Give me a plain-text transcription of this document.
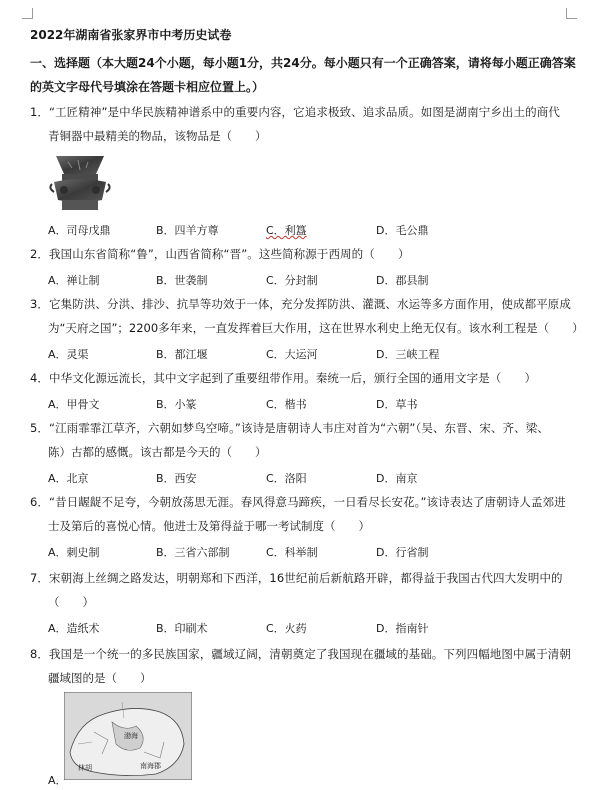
2022年湖南省张家界市中考历史试卷
一、选择题（本大题24个小题，每小题1分，共24分。每小题只有一个正确答案，请将每小题正确答案
的英文字母代号填涂在答题卡相应位置上。）
1．“工匠精神”是中华民族精神谱系中的重要内容，它追求极致、追求品质。如图是湖南宁乡出土的商代
青铜器中最精美的物品，该物品是（　　）
A．司母戊鼎	B．四羊方尊	C．利簋	D．毛公鼎
2．我国山东省简称“鲁”，山西省简称“晋”。这些简称源于西周的（　　）
A．禅让制	B．世袭制	C．分封制	D．郡县制
3．它集防洪、分洪、排沙、抗旱等功效于一体，充分发挥防洪、灌溉、水运等多方面作用，使成都平原成
为“天府之国”；2200多年来，一直发挥着巨大作用，这在世界水利史上绝无仅有。该水利工程是（　　）
A．灵渠	B．都江堰	C．大运河	D．三峡工程
4．中华文化源远流长，其中文字起到了重要纽带作用。秦统一后，颁行全国的通用文字是（　　）
A．甲骨文	B．小篆	C．楷书	D．草书
5．“江雨霏霏江草齐，六朝如梦鸟空啼。”该诗是唐朝诗人韦庄对首为“六朝”（吴、东晋、宋、齐、梁、
陈）古都的感慨。该古都是今天的（　　）
A．北京	B．西安	C．洛阳	D．南京
6．“昔日龌龊不足夸，今朝放荡思无涯。春风得意马蹄疾，一日看尽长安花。”该诗表达了唐朝诗人孟郊进
士及第后的喜悦心情。他进士及第得益于哪一考试制度（　　）
A．刺史制	B．三省六部制	C．科举制	D．行省制
7．宋朝海上丝绸之路发达，明朝郑和下西洋，16世纪前后新航路开辟，都得益于我国古代四大发明中的
（　　）
A．造纸术	B．印刷术	C．火药	D．指南针
8．我国是一个统一的多民族国家，疆域辽阔，清朝奠定了我国现在疆域的基础。下列四幅地图中属于清朝
疆域图的是（　　）
渤海
林胡	南海郡
A．
